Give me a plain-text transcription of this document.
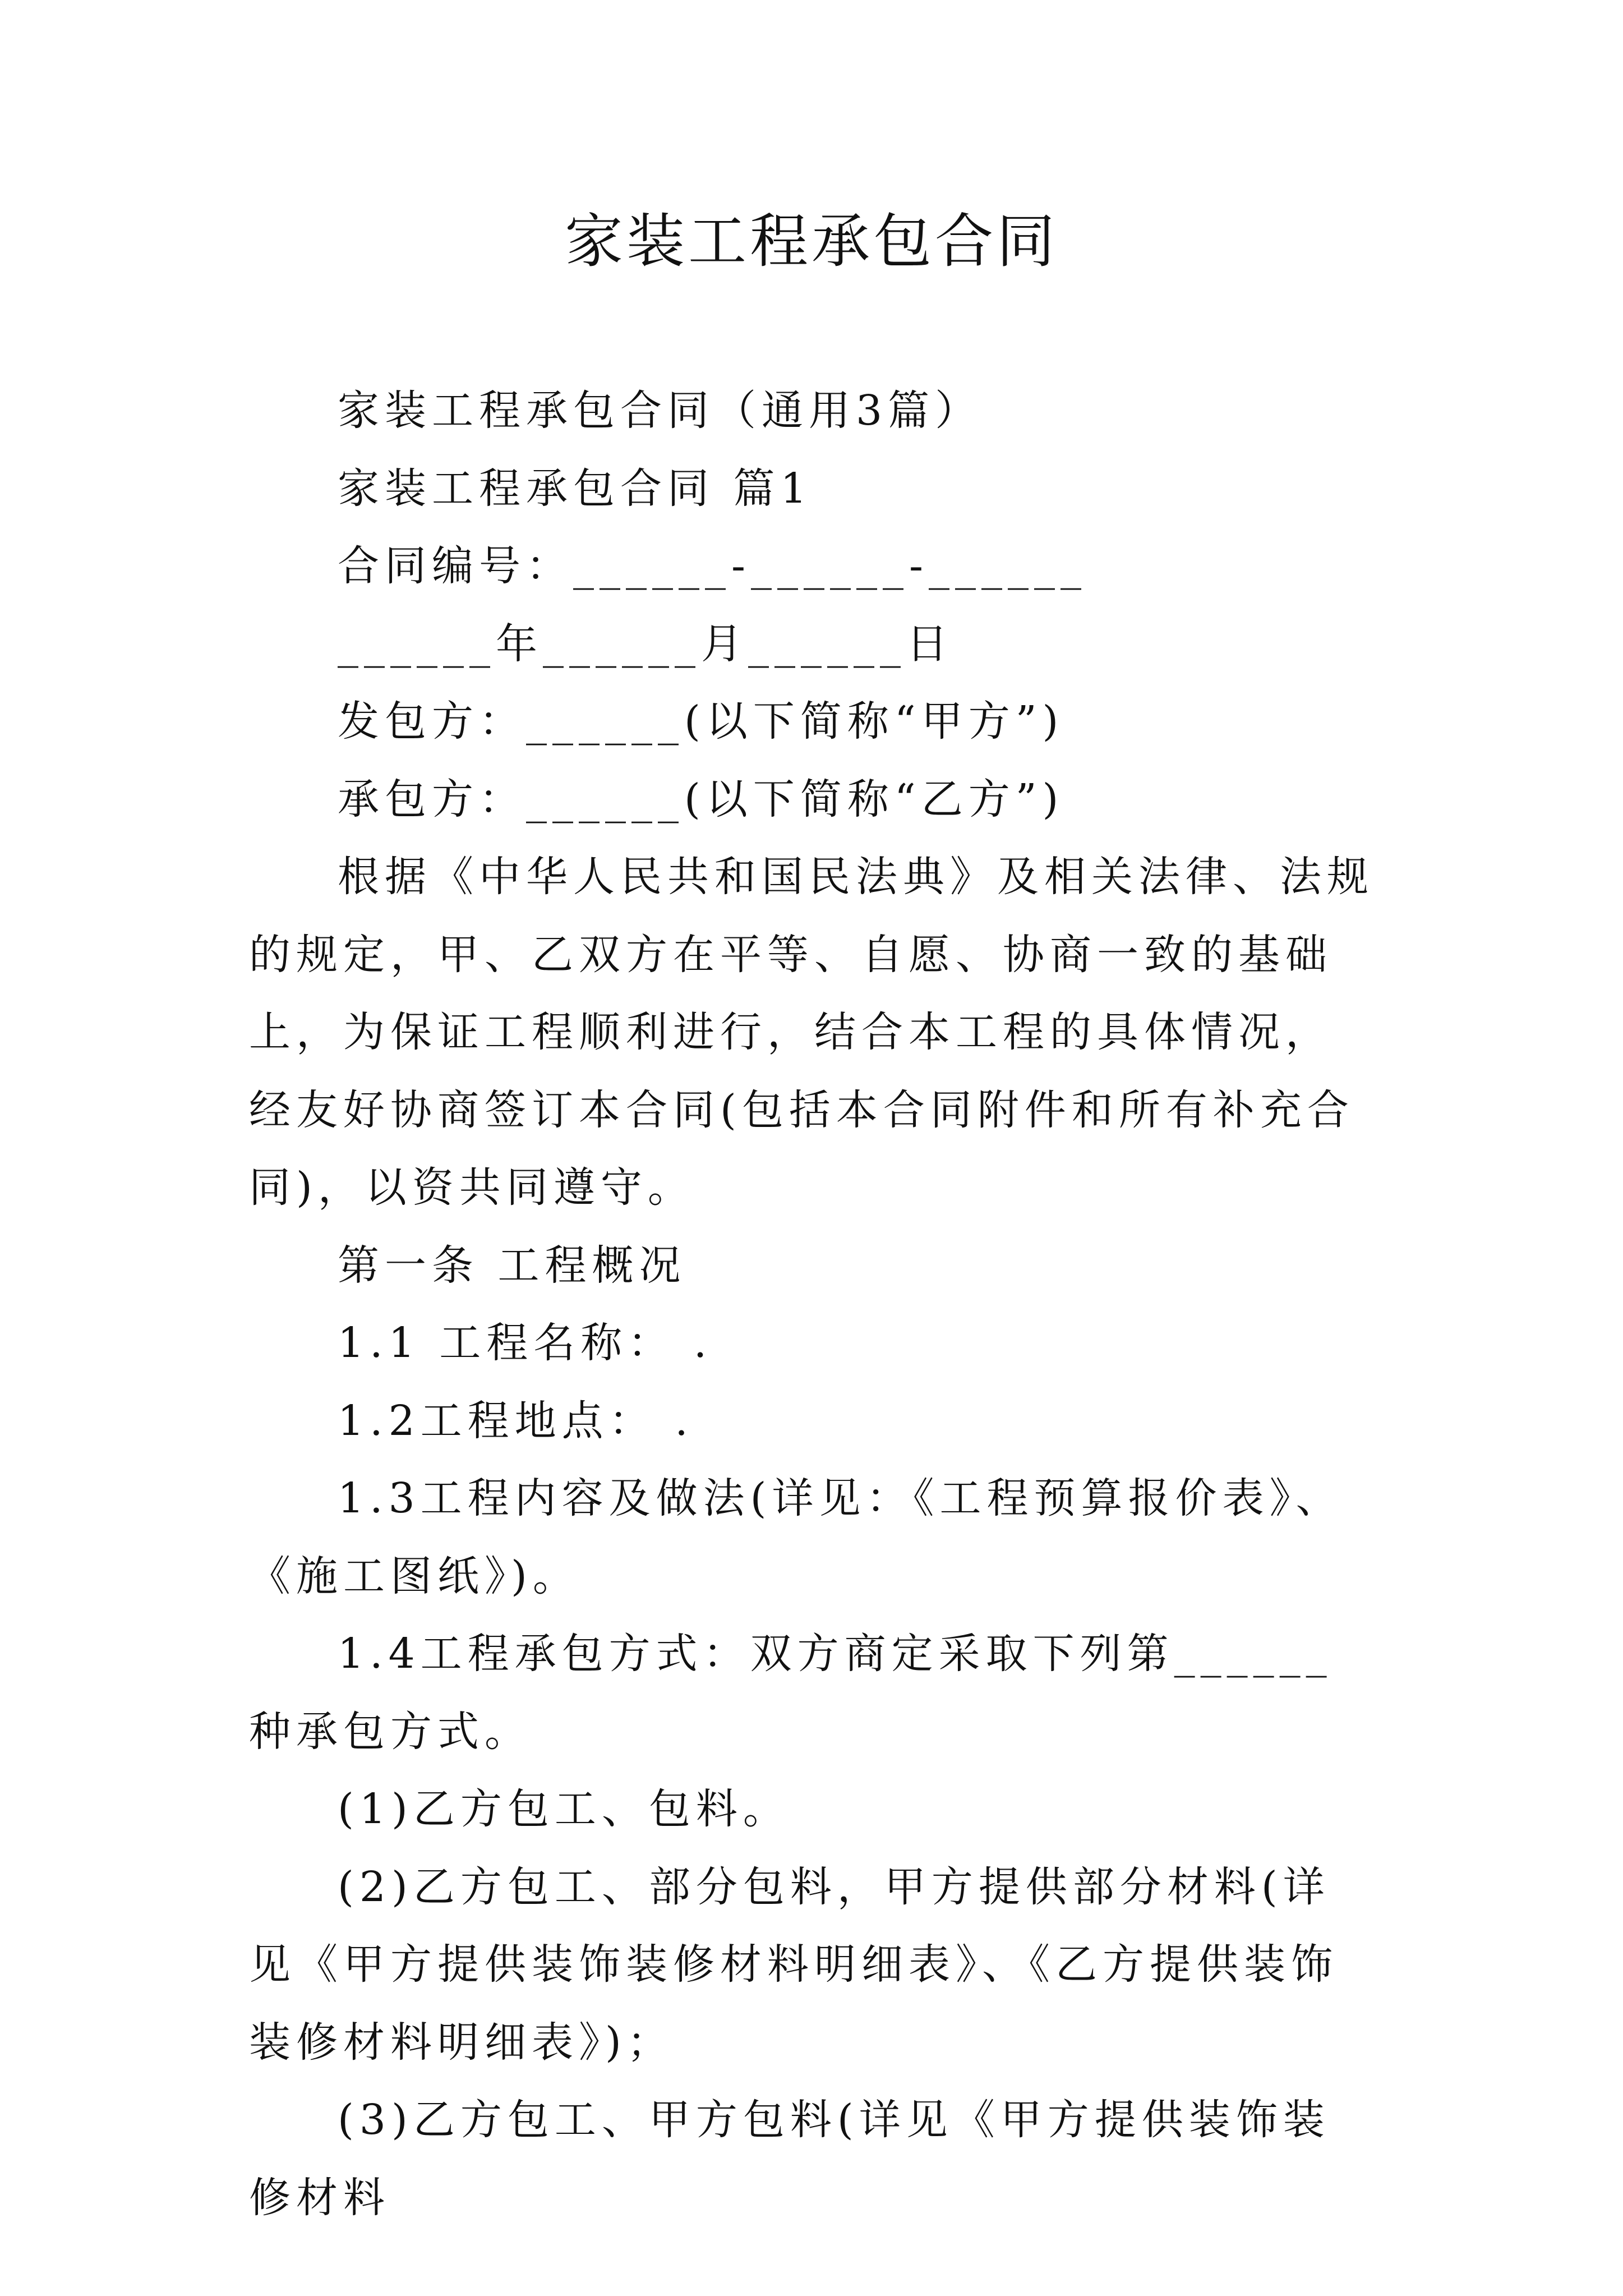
家装工程承包合同

家装工程承包合同（通用3篇）

家装工程承包合同 篇1

合同编号：______-______-______

______年______月______日

发包方：______(以下简称“甲方”)

承包方：______(以下简称“乙方”)

根据《中华人民共和国民法典》及相关法律、法规的规定，甲、乙双方在平等、自愿、协商一致的基础上，为保证工程顺利进行，结合本工程的具体情况，经友好协商签订本合同(包括本合同附件和所有补充合同)，以资共同遵守。

第一条 工程概况

1.1 工程名称： .

1.2工程地点： .

1.3工程内容及做法(详见：《工程预算报价表》、《施工图纸》)。

1.4工程承包方式：双方商定采取下列第______种承包方式。

(1)乙方包工、包料。

(2)乙方包工、部分包料，甲方提供部分材料(详见《甲方提供装饰装修材料明细表》、《乙方提供装饰装修材料明细表》)；

(3)乙方包工、甲方包料(详见《甲方提供装饰装修材料
